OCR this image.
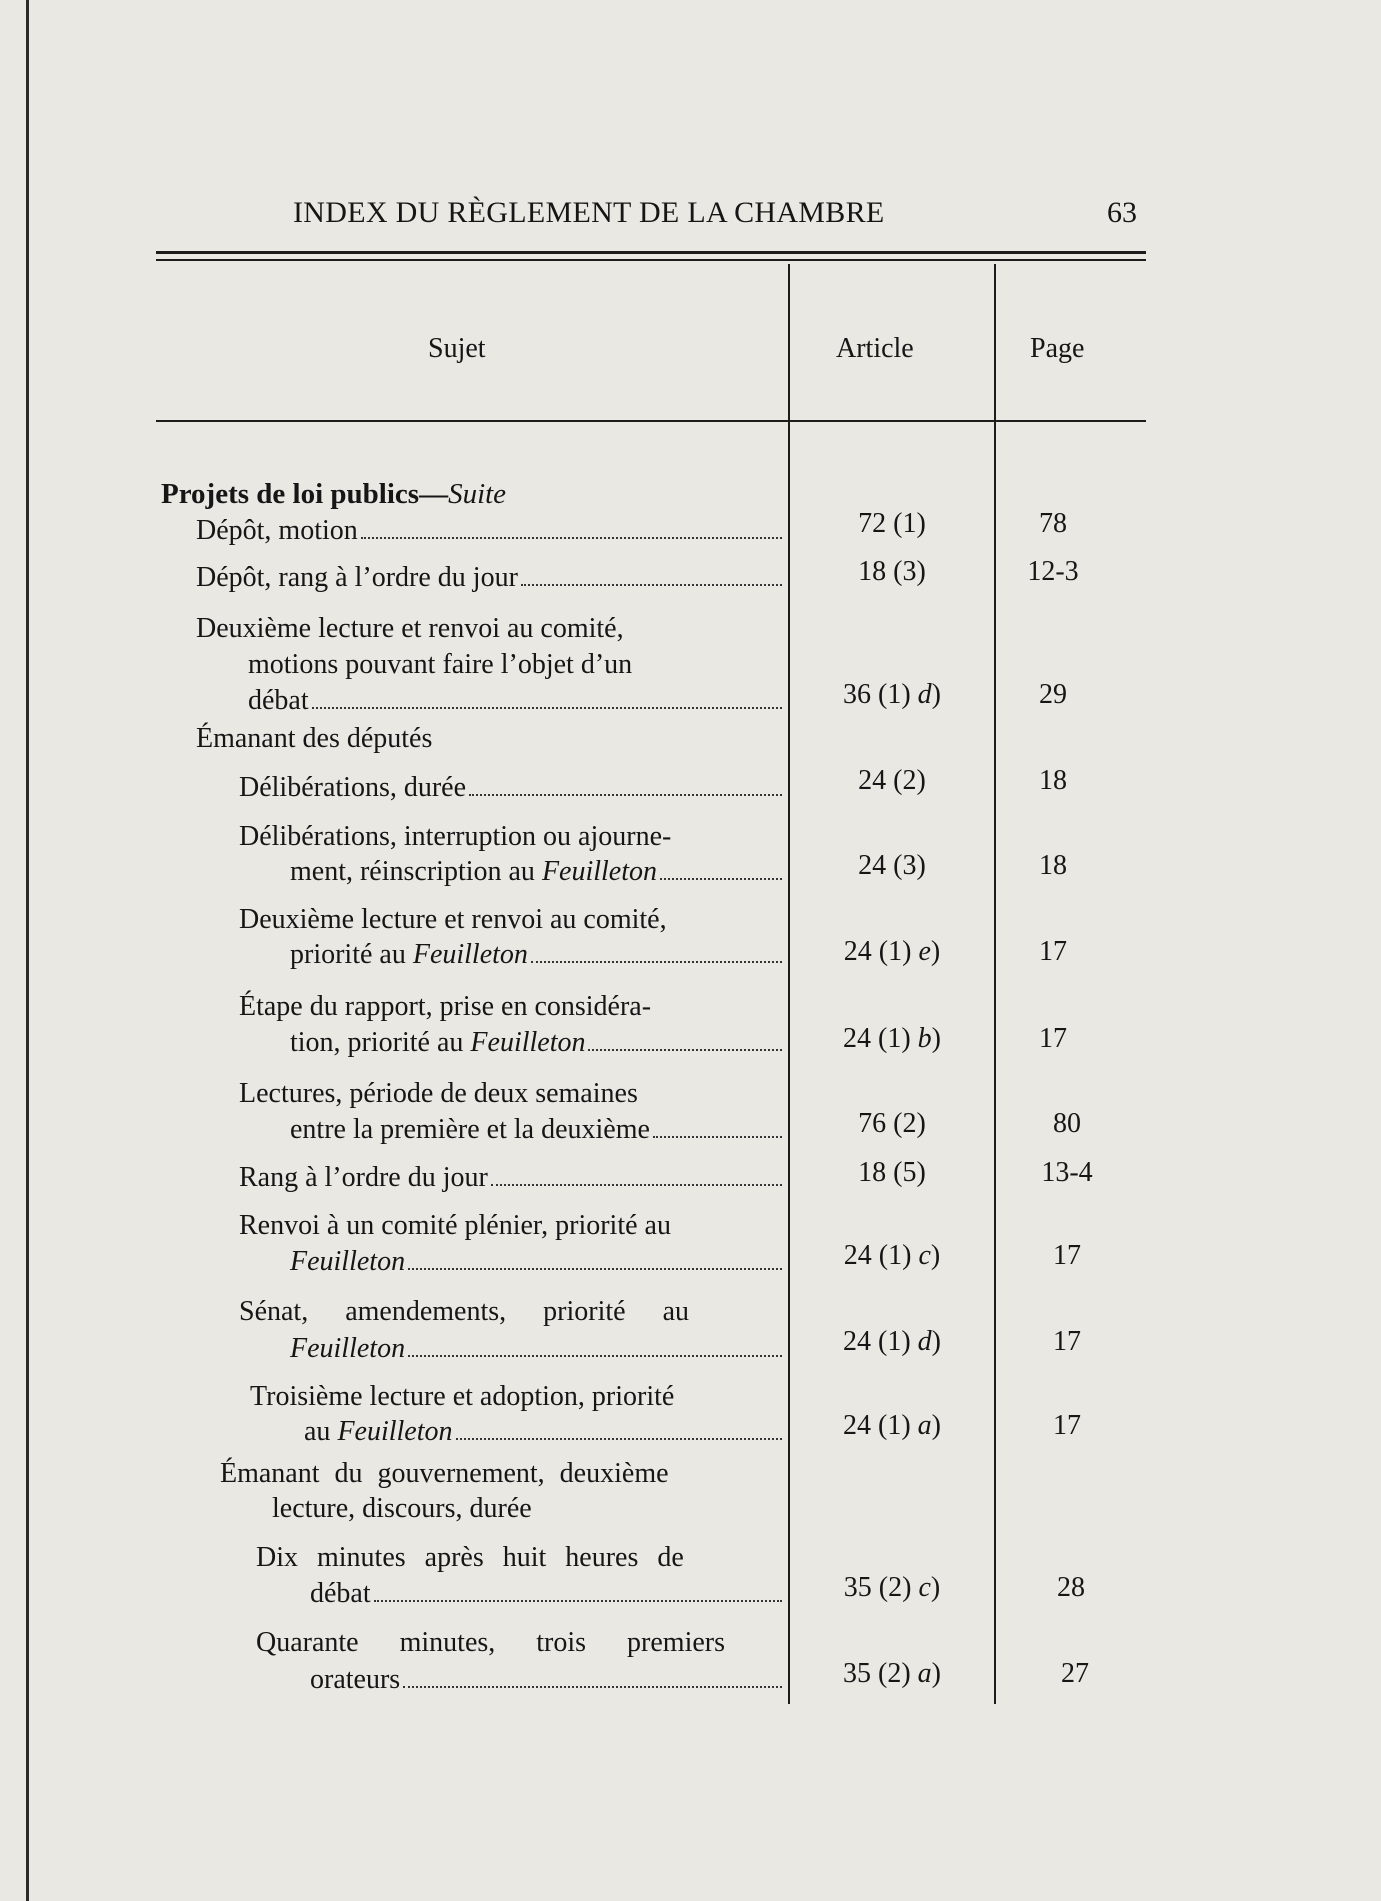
INDEX DU RÈGLEMENT DE LA CHAMBRE	63
Sujet	Article	Page
Projets de loi publics—Suite
Dépôt, motion	72 (1)	78
Dépôt, rang à l’ordre du jour	18 (3)	12-3
Deuxième lecture et renvoi au comité,
motions pouvant faire l’objet d’un
débat	36 (1) d)	29
Émanant des députés
Délibérations, durée	24 (2)	18
Délibérations, interruption ou ajourne-
ment, réinscription au Feuilleton	24 (3)	18
Deuxième lecture et renvoi au comité,
priorité au Feuilleton	24 (1) e)	17
Étape du rapport, prise en considéra-
tion, priorité au Feuilleton	24 (1) b)	17
Lectures, période de deux semaines
entre la première et la deuxième	76 (2)	80
Rang à l’ordre du jour	18 (5)	13-4
Renvoi à un comité plénier, priorité au
Feuilleton	24 (1) c)	17
Sénat, amendements, priorité au
Feuilleton	24 (1) d)	17
Troisième lecture et adoption, priorité
au Feuilleton	24 (1) a)	17
Émanant du gouvernement, deuxième
lecture, discours, durée
Dix minutes après huit heures de
débat	35 (2) c)	28
Quarante minutes, trois premiers
orateurs	35 (2) a)	27
